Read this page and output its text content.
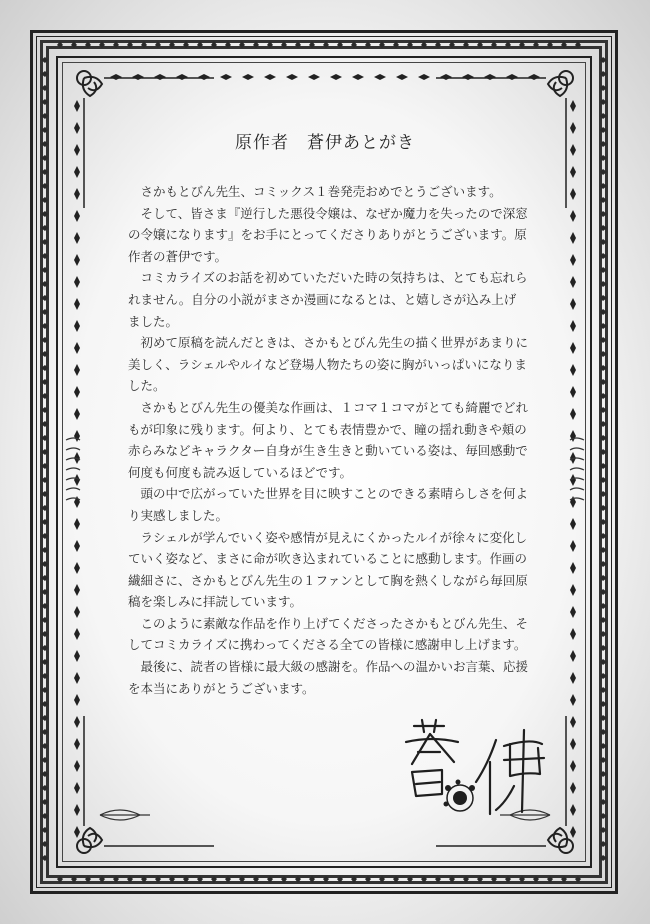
原作者　蒼伊あとがき

さかもとびん先生、コミックス１巻発売おめでとうございます。

そして、皆さま『逆行した悪役令嬢は、なぜか魔力を失ったので深窓の令嬢になります』をお手にとってくださりありがとうございます。原作者の蒼伊です。

コミカライズのお話を初めていただいた時の気持ちは、とても忘れられません。自分の小説がまさか漫画になるとは、と嬉しさが込み上げました。

初めて原稿を読んだときは、さかもとびん先生の描く世界があまりに美しく、ラシェルやルイなど登場人物たちの姿に胸がいっぱいになりました。

さかもとびん先生の優美な作画は、１コマ１コマがとても綺麗でどれもが印象に残ります。何より、とても表情豊かで、瞳の揺れ動きや頬の赤らみなどキャラクター自身が生き生きと動いている姿は、毎回感動で何度も何度も読み返しているほどです。

頭の中で広がっていた世界を目に映すことのできる素晴らしさを何より実感しました。

ラシェルが学んでいく姿や感情が見えにくかったルイが徐々に変化していく姿など、まさに命が吹き込まれていることに感動します。作画の繊細さに、さかもとびん先生の１ファンとして胸を熱くしながら毎回原稿を楽しみに拝読しています。

このように素敵な作品を作り上げてくださったさかもとびん先生、そしてコミカライズに携わってくださる全ての皆様に感謝申し上げます。

最後に、読者の皆様に最大級の感謝を。作品への温かいお言葉、応援を本当にありがとうございます。
